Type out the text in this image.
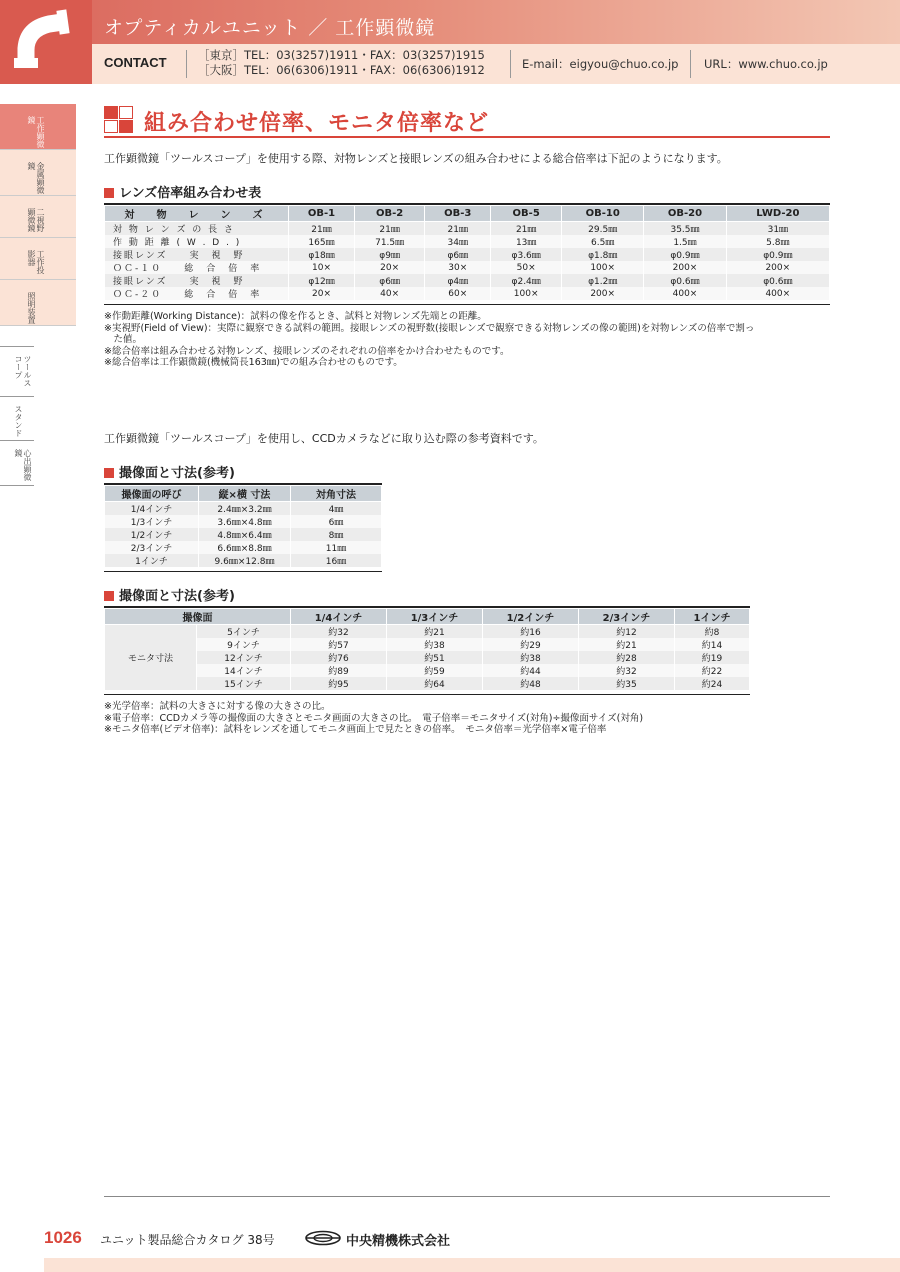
オプティカルユニット ／ 工作顕微鏡
CONTACT	［東京］TEL：03(3257)1911・FAX：03(3257)1915
［大阪］TEL：06(6306)1911・FAX：06(6306)1912	E-mail：eigyou@chuo.co.jp URL：www.chuo.co.jp
工作顕微鏡
金属顕微鏡
二視野顕微鏡
工作投影器
照明装置
ツールスコープ
スタンド
心出顕微鏡
組み合わせ倍率、モニタ倍率など
工作顕微鏡「ツールスコープ」を使用する際、対物レンズと接眼レンズの組み合わせによる総合倍率は下記のようになります。
レンズ倍率組み合わせ表
対　物　レ　ン　ズ	OB-1	OB-2	OB-3	OB-5	OB-10	OB-20	LWD-20
対 物 レ ン ズ の 長 さ	21㎜	21㎜	21㎜	21㎜	29.5㎜	35.5㎜	31㎜
作 動 距 離 ( W . D . )	165㎜	71.5㎜	34㎜	13㎜	6.5㎜	1.5㎜	5.8㎜
接眼レンズ　　実　視　野	φ18㎜	φ9㎜	φ6㎜	φ3.6㎜	φ1.8㎜	φ0.9㎜	φ0.9㎜
ＯＣ-１０　　総　合　倍　率	10×	20×	30×	50×	100×	200×	200×
接眼レンズ　　実　視　野	φ12㎜	φ6㎜	φ4㎜	φ2.4㎜	φ1.2㎜	φ0.6㎜	φ0.6㎜
ＯＣ-２０　　総　合　倍　率	20×	40×	60×	100×	200×	400×	400×
※作動距離(Working Distance)：試料の像を作るとき、試料と対物レンズ先端との距離。
※実視野(Field of View)：実際に観察できる試料の範囲。接眼レンズの視野数(接眼レンズで観察できる対物レンズの像の範囲)を対物レンズの倍率で割っ
　た値。
※総合倍率は組み合わせる対物レンズ、接眼レンズのそれぞれの倍率をかけ合わせたものです。
※総合倍率は工作顕微鏡(機械筒長163㎜)での組み合わせのものです。
工作顕微鏡「ツールスコープ」を使用し、CCDカメラなどに取り込む際の参考資料です。
撮像面と寸法(参考)
撮像面の呼び	縦×横 寸法	対角寸法
1/4インチ	2.4㎜×3.2㎜	4㎜
1/3インチ	3.6㎜×4.8㎜	6㎜
1/2インチ	4.8㎜×6.4㎜	8㎜
2/3インチ	6.6㎜×8.8㎜	11㎜
1インチ	9.6㎜×12.8㎜	16㎜
撮像面と寸法(参考)
撮像面		1/4インチ	1/3インチ	1/2インチ	2/3インチ	1インチ
モニタ寸法	5インチ	約32	約21	約16	約12	約8
	9インチ	約57	約38	約29	約21	約14
	12インチ	約76	約51	約38	約28	約19
	14インチ	約89	約59	約44	約32	約22
	15インチ	約95	約64	約48	約35	約24
※光学倍率：試料の大きさに対する像の大きさの比。
※電子倍率：CCDカメラ等の撮像面の大きさとモニタ画面の大きさの比。　電子倍率＝モニタサイズ(対角)÷撮像面サイズ(対角)
※モニタ倍率(ビデオ倍率)：試料をレンズを通してモニタ画面上で見たときの倍率。　モニタ倍率＝光学倍率×電子倍率
1026 ユニット製品総合カタログ 38号	中央精機株式会社
